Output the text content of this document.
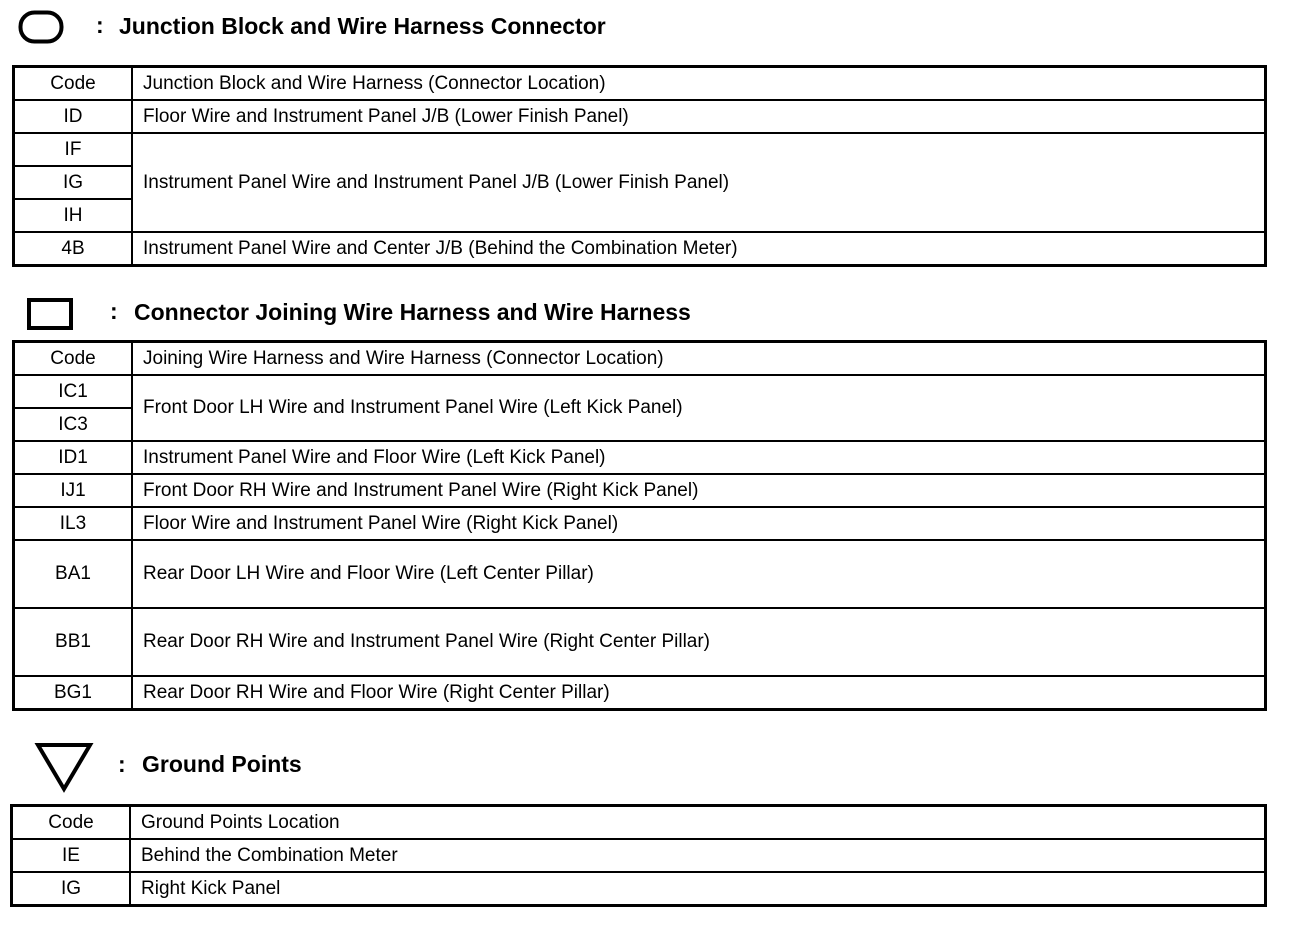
: Junction Block and Wire Harness Connector
Code	Junction Block and Wire Harness (Connector Location)
ID	Floor Wire and Instrument Panel J/B (Lower Finish Panel)
IF	Instrument Panel Wire and Instrument Panel J/B (Lower Finish Panel)
IG	
IH	
4B	Instrument Panel Wire and Center J/B (Behind the Combination Meter)
: Connector Joining Wire Harness and Wire Harness
Code	Joining Wire Harness and Wire Harness (Connector Location)
IC1	Front Door LH Wire and Instrument Panel Wire (Left Kick Panel)
IC3	
ID1	Instrument Panel Wire and Floor Wire (Left Kick Panel)
IJ1	Front Door RH Wire and Instrument Panel Wire (Right Kick Panel)
IL3	Floor Wire and Instrument Panel Wire (Right Kick Panel)
BA1	Rear Door LH Wire and Floor Wire (Left Center Pillar)
BB1	Rear Door RH Wire and Instrument Panel Wire (Right Center Pillar)
BG1	Rear Door RH Wire and Floor Wire (Right Center Pillar)
: Ground Points
Code	Ground Points Location
IE	Behind the Combination Meter
IG	Right Kick Panel
